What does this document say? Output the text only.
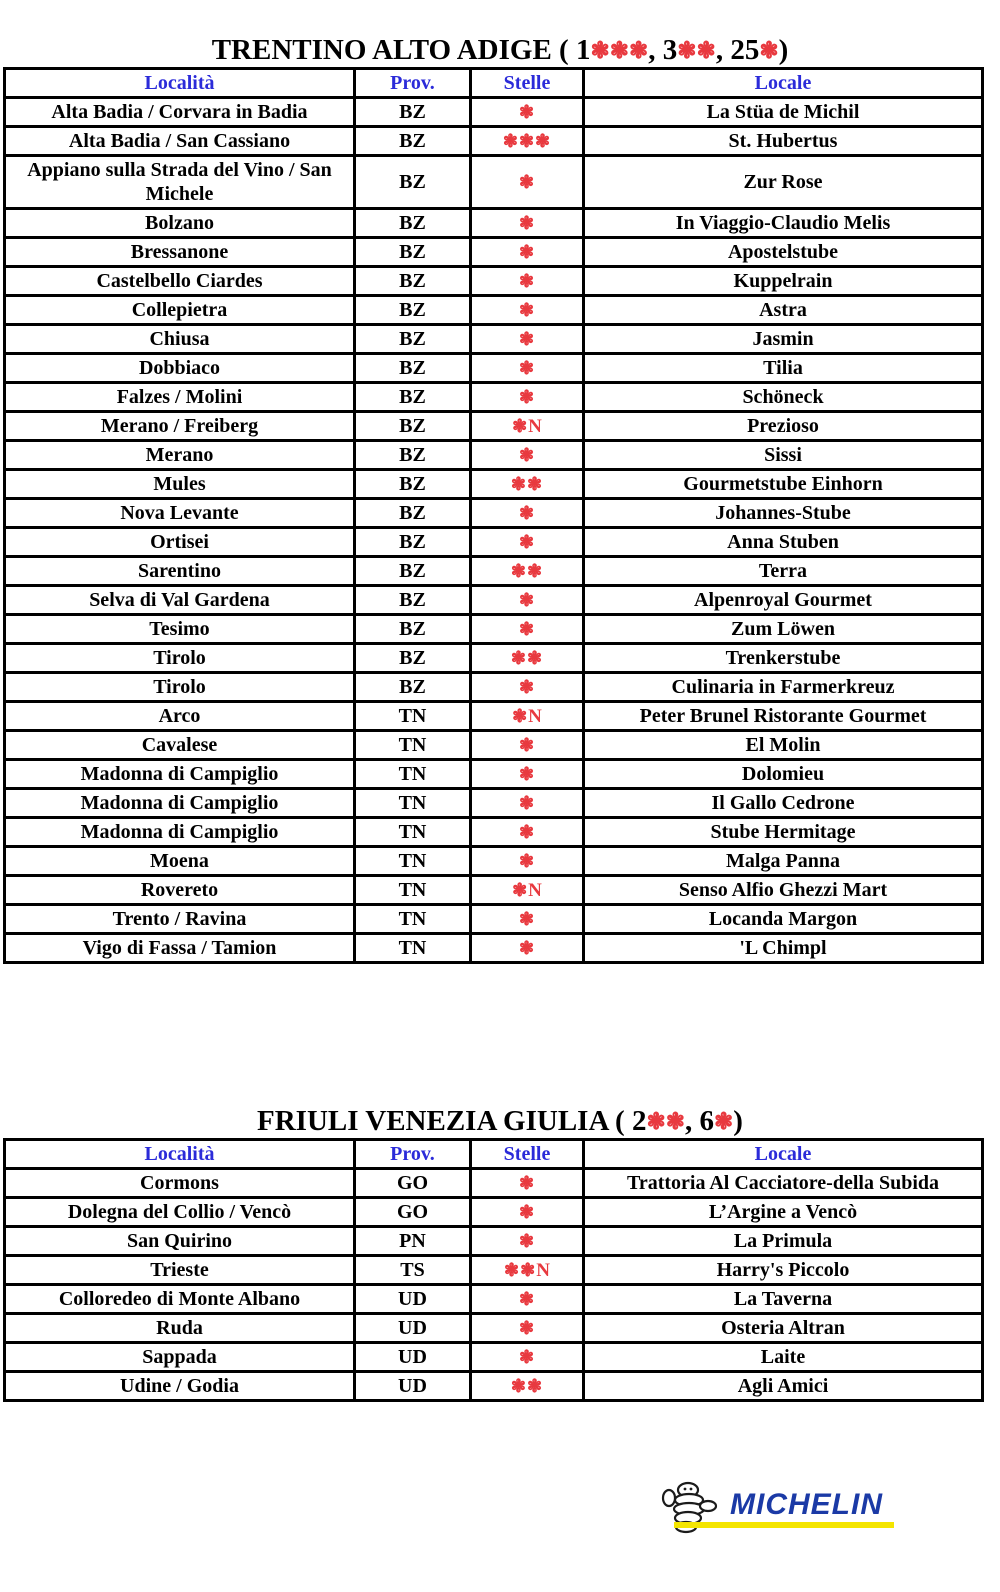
TRENTINO ALTO ADIGE ( 1❃❃❃, 3❃❃, 25❃)
Località	Prov.	Stelle	Locale
Alta Badia / Corvara in Badia	BZ	❃	La Stüa de Michil
Alta Badia / San Cassiano	BZ	❃❃❃	St. Hubertus
Appiano sulla Strada del Vino / San Michele	BZ	❃	Zur Rose
Bolzano	BZ	❃	In Viaggio-Claudio Melis
Bressanone	BZ	❃	Apostelstube
Castelbello Ciardes	BZ	❃	Kuppelrain
Collepietra	BZ	❃	Astra
Chiusa	BZ	❃	Jasmin
Dobbiaco	BZ	❃	Tilia
Falzes / Molini	BZ	❃	Schöneck
Merano / Freiberg	BZ	❃N	Prezioso
Merano	BZ	❃	Sissi
Mules	BZ	❃❃	Gourmetstube Einhorn
Nova Levante	BZ	❃	Johannes-Stube
Ortisei	BZ	❃	Anna Stuben
Sarentino	BZ	❃❃	Terra
Selva di Val Gardena	BZ	❃	Alpenroyal Gourmet
Tesimo	BZ	❃	Zum Löwen
Tirolo	BZ	❃❃	Trenkerstube
Tirolo	BZ	❃	Culinaria in Farmerkreuz
Arco	TN	❃N	Peter Brunel Ristorante Gourmet
Cavalese	TN	❃	El Molin
Madonna di Campiglio	TN	❃	Dolomieu
Madonna di Campiglio	TN	❃	Il Gallo Cedrone
Madonna di Campiglio	TN	❃	Stube Hermitage
Moena	TN	❃	Malga Panna
Rovereto	TN	❃N	Senso Alfio Ghezzi Mart
Trento / Ravina	TN	❃	Locanda Margon
Vigo di Fassa / Tamion	TN	❃	'L Chimpl
FRIULI VENEZIA GIULIA ( 2❃❃, 6❃)
Località	Prov.	Stelle	Locale
Cormons	GO	❃	Trattoria Al Cacciatore-della Subida
Dolegna del Collio / Vencò	GO	❃	L’Argine a Vencò
San Quirino	PN	❃	La Primula
Trieste	TS	❃❃N	Harry's Piccolo
Colloredeo di Monte Albano	UD	❃	La Taverna
Ruda	UD	❃	Osteria Altran
Sappada	UD	❃	Laite
Udine / Godia	UD	❃❃	Agli Amici
MICHELIN
